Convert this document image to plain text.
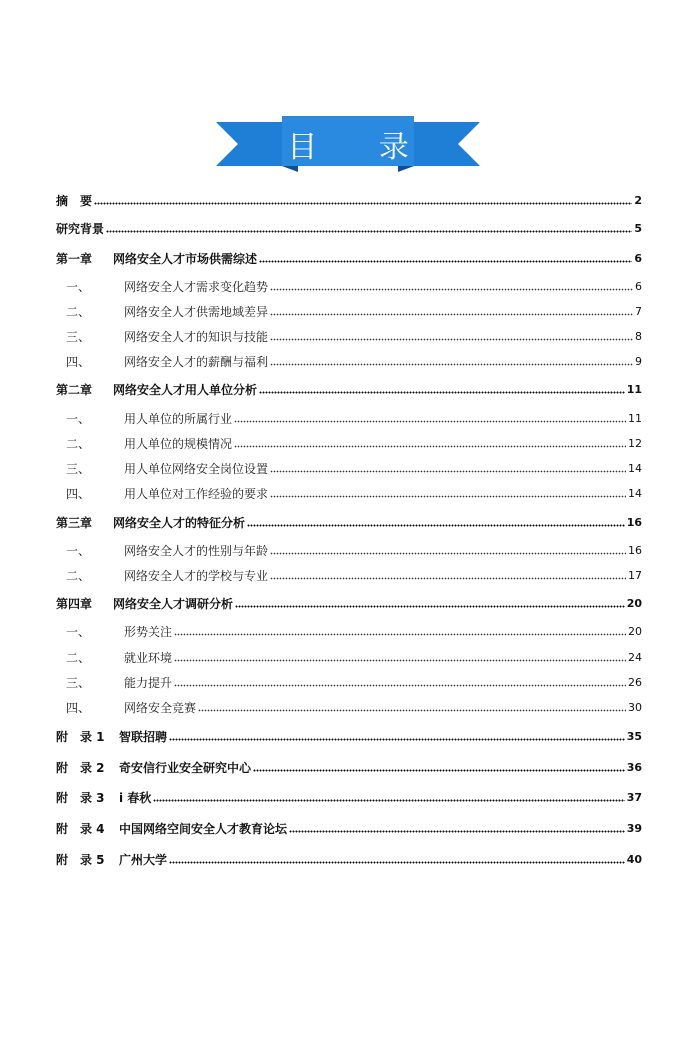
目 录
摘　要	2
研究背景	5
第一章	网络安全人才市场供需综述	6
一、	网络安全人才需求变化趋势	6
二、	网络安全人才供需地域差异	7
三、	网络安全人才的知识与技能	8
四、	网络安全人才的薪酬与福利	9
第二章	网络安全人才用人单位分析	11
一、	用人单位的所属行业	11
二、	用人单位的规模情况	12
三、	用人单位网络安全岗位设置	14
四、	用人单位对工作经验的要求	14
第三章	网络安全人才的特征分析	16
一、	网络安全人才的性别与年龄	16
二、	网络安全人才的学校与专业	17
第四章	网络安全人才调研分析	20
一、	形势关注	20
二、	就业环境	24
三、	能力提升	26
四、	网络安全竞赛	30
附　录 1	智联招聘	35
附　录 2	奇安信行业安全研究中心	36
附　录 3	i 春秋	37
附　录 4	中国网络空间安全人才教育论坛	39
附　录 5	广州大学	40
